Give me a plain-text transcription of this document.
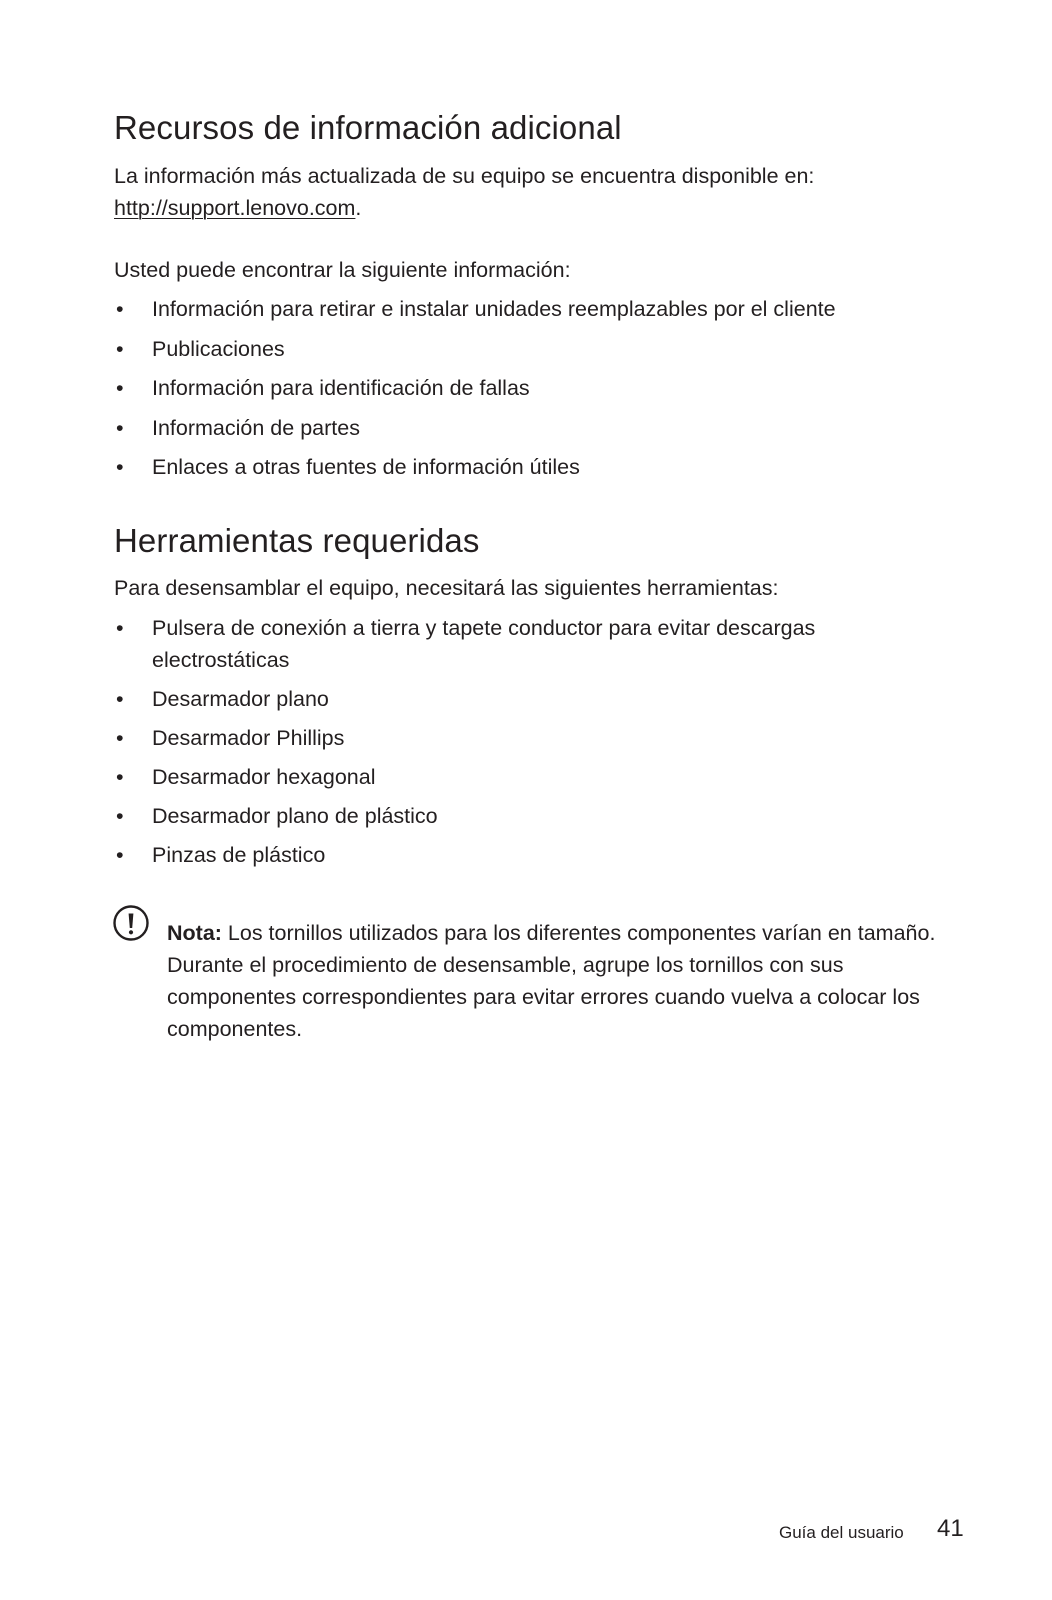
Recursos de información adicional

La información más actualizada de su equipo se encuentra disponible en:
http://support.lenovo.com.

Usted puede encontrar la siguiente información:

• Información para retirar e instalar unidades reemplazables por el cliente
• Publicaciones
• Información para identificación de fallas
• Información de partes
• Enlaces a otras fuentes de información útiles
Herramientas requeridas

Para desensamblar el equipo, necesitará las siguientes herramientas:

• Pulsera de conexión a tierra y tapete conductor para evitar descargas electrostáticas
• Desarmador plano
• Desarmador Phillips
• Desarmador hexagonal
• Desarmador plano de plástico
• Pinzas de plástico

Nota: Los tornillos utilizados para los diferentes componentes varían en tamaño. Durante el procedimiento de desensamble, agrupe los tornillos con sus componentes correspondientes para evitar errores cuando vuelva a colocar los componentes.

Guía del usuario 41
